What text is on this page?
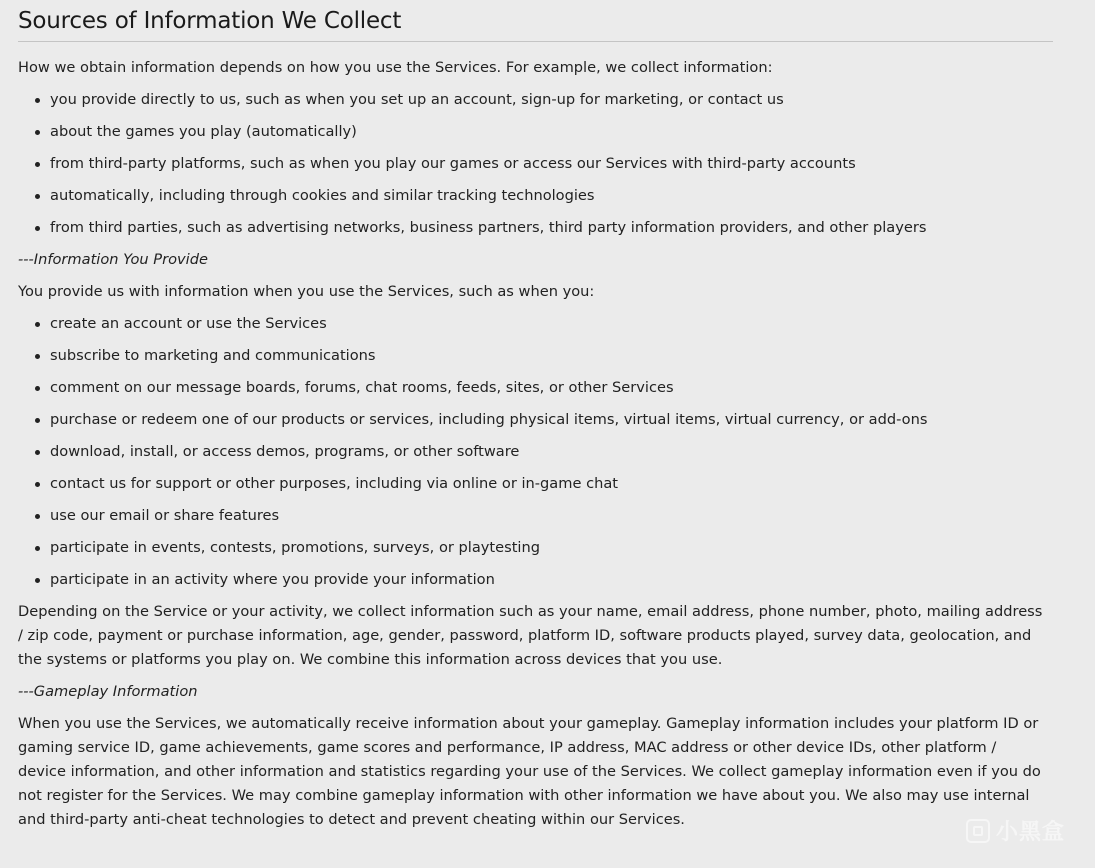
Sources of Information We Collect

How we obtain information depends on how you use the Services. For example, we collect information:

you provide directly to us, such as when you set up an account, sign-up for marketing, or contact us
about the games you play (automatically)
from third-party platforms, such as when you play our games or access our Services with third-party accounts
automatically, including through cookies and similar tracking technologies
from third parties, such as advertising networks, business partners, third party information providers, and other players

---Information You Provide

You provide us with information when you use the Services, such as when you:

create an account or use the Services
subscribe to marketing and communications
comment on our message boards, forums, chat rooms, feeds, sites, or other Services
purchase or redeem one of our products or services, including physical items, virtual items, virtual currency, or add-ons
download, install, or access demos, programs, or other software
contact us for support or other purposes, including via online or in-game chat
use our email or share features
participate in events, contests, promotions, surveys, or playtesting
participate in an activity where you provide your information

Depending on the Service or your activity, we collect information such as your name, email address, phone number, photo, mailing address / zip code, payment or purchase information, age, gender, password, platform ID, software products played, survey data, geolocation, and the systems or platforms you play on. We combine this information across devices that you use.

---Gameplay Information

When you use the Services, we automatically receive information about your gameplay. Gameplay information includes your platform ID or gaming service ID, game achievements, game scores and performance, IP address, MAC address or other device IDs, other platform / device information, and other information and statistics regarding your use of the Services. We collect gameplay information even if you do not register for the Services. We may combine gameplay information with other information we have about you. We also may use internal and third-party anti-cheat technologies to detect and prevent cheating within our Services.

小黑盒
